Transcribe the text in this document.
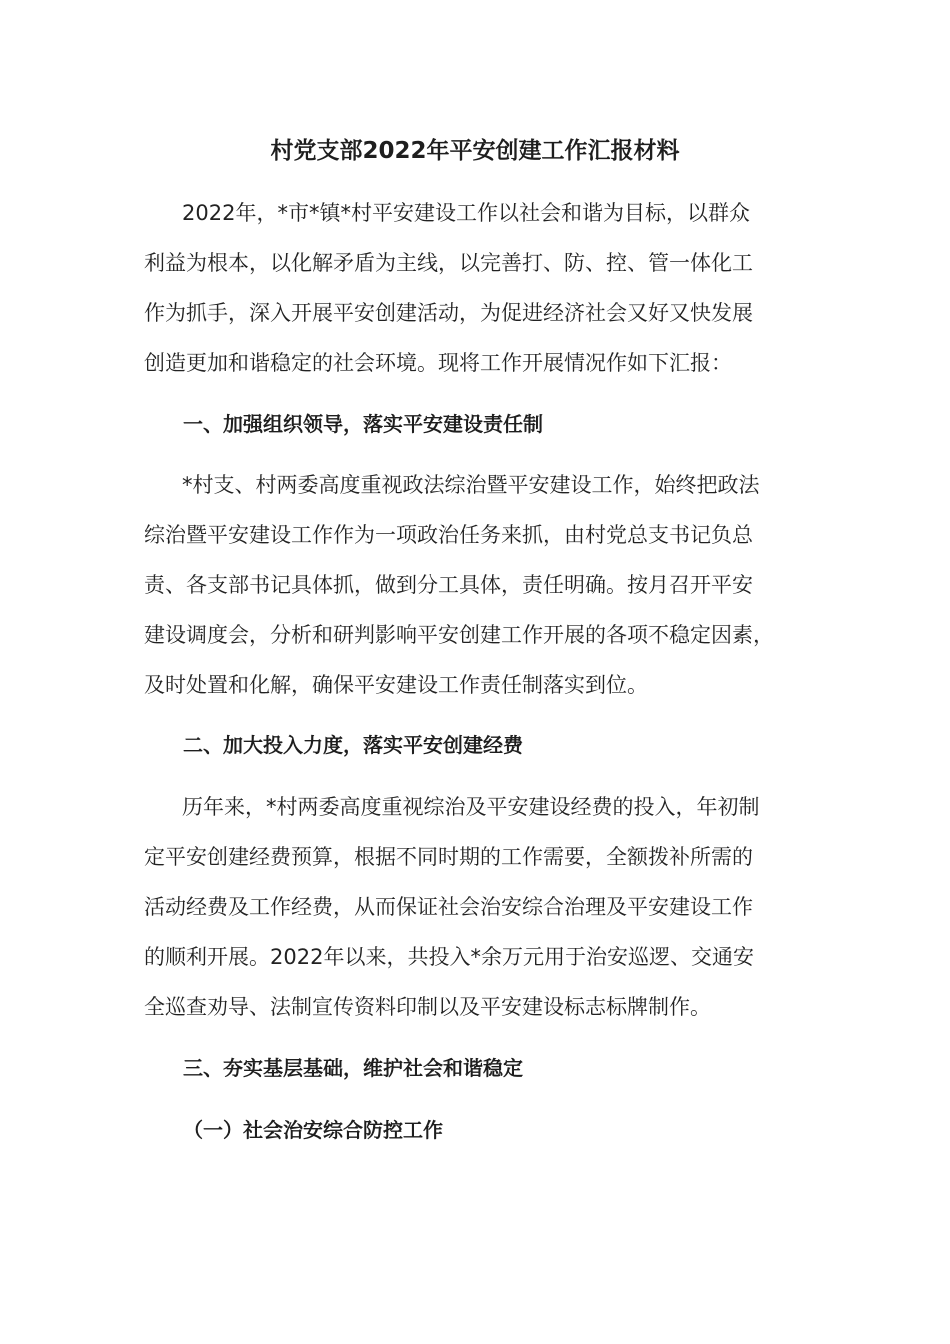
村党支部2022年平安创建工作汇报材料
2022年，*市*镇*村平安建设工作以社会和谐为目标，以群众
利益为根本，以化解矛盾为主线，以完善打、防、控、管一体化工
作为抓手，深入开展平安创建活动，为促进经济社会又好又快发展
创造更加和谐稳定的社会环境。现将工作开展情况作如下汇报：
一、加强组织领导，落实平安建设责任制
*村支、村两委高度重视政法综治暨平安建设工作，始终把政法
综治暨平安建设工作作为一项政治任务来抓，由村党总支书记负总
责、各支部书记具体抓，做到分工具体，责任明确。按月召开平安
建设调度会，分析和研判影响平安创建工作开展的各项不稳定因素，
及时处置和化解，确保平安建设工作责任制落实到位。
二、加大投入力度，落实平安创建经费
历年来，*村两委高度重视综治及平安建设经费的投入，年初制
定平安创建经费预算，根据不同时期的工作需要，全额拨补所需的
活动经费及工作经费，从而保证社会治安综合治理及平安建设工作
的顺利开展。2022年以来，共投入*余万元用于治安巡逻、交通安
全巡查劝导、法制宣传资料印制以及平安建设标志标牌制作。
三、夯实基层基础，维护社会和谐稳定
（一）社会治安综合防控工作
